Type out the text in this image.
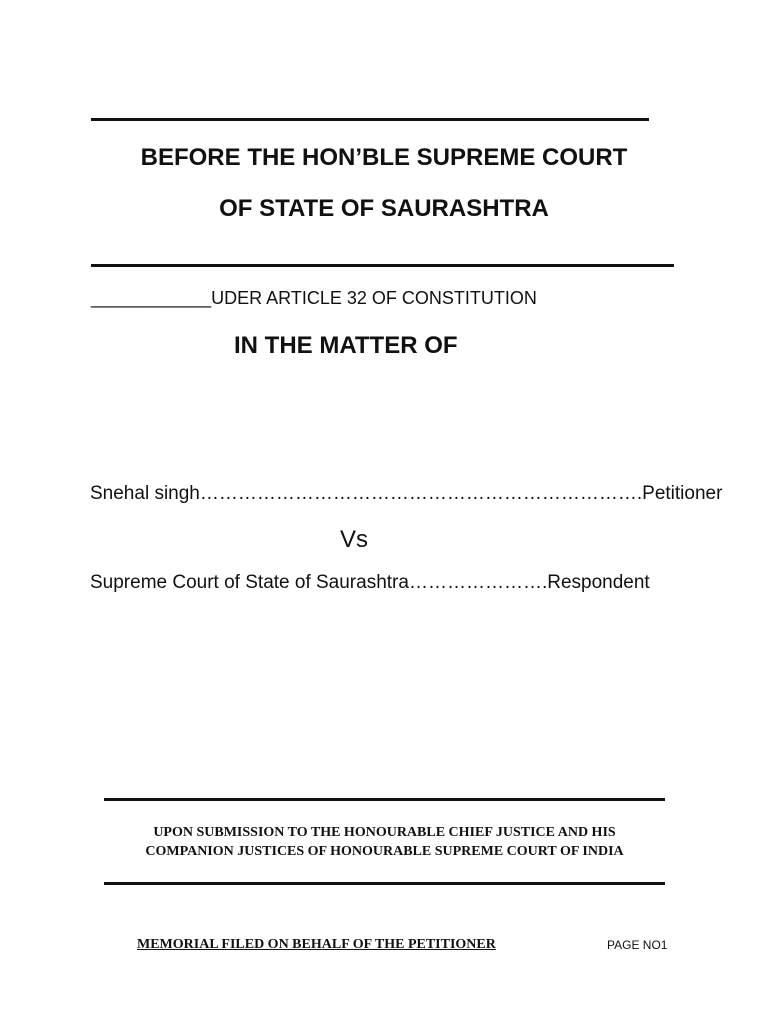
BEFORE THE HON’BLE SUPREME COURT
OF STATE OF SAURASHTRA
____________UDER ARTICLE 32 OF CONSTITUTION
IN THE MATTER OF
Snehal singh…………………………………………………………….Petitioner
Vs
Supreme Court of State of Saurashtra………………….Respondent
UPON SUBMISSION TO THE HONOURABLE CHIEF JUSTICE AND HIS
COMPANION JUSTICES OF HONOURABLE SUPREME COURT OF INDIA
MEMORIAL FILED ON BEHALF OF THE PETITIONER	PAGE NO1
